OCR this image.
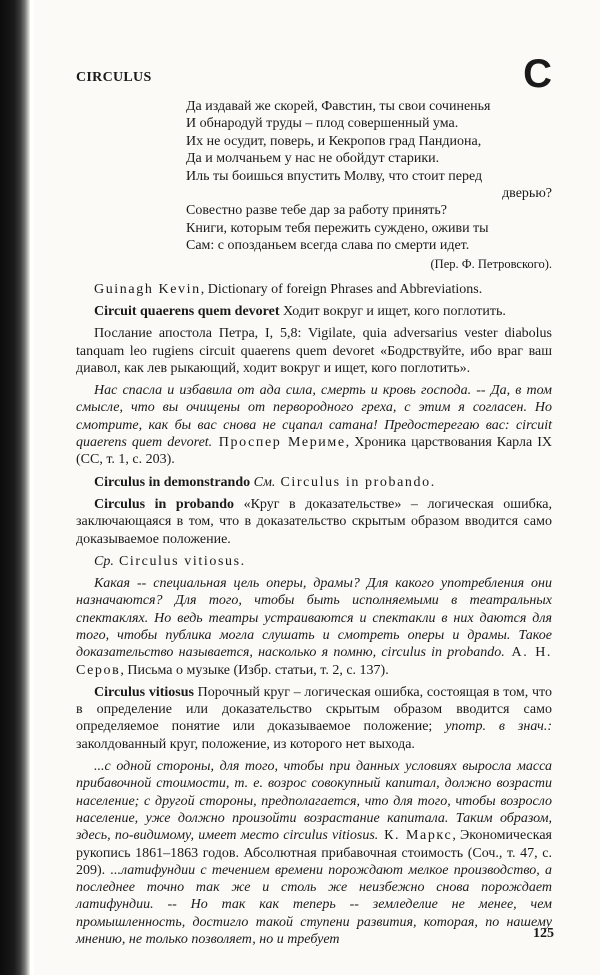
CIRCULUS	C
Да издавай же скорей, Фавстин, ты свои сочиненья
И обнародуй труды – плод совершенный ума.
Их не осудит, поверь, и Кекропов град Пандиона,
Да и молчаньем у нас не обойдут старики.
Иль ты боишься впустить Молву, что стоит перед
дверью?
Совестно разве тебе дар за работу принять?
Книги, которым тебя пережить суждено, оживи ты
Сам: с опозданьем всегда слава по смерти идет.
(Пер. Ф. Петровского).

Guinagh Kevin, Dictionary of foreign Phrases and Abbreviations.

Circuit quaerens quem devoret Ходит вокруг и ищет, кого поглотить.

Послание апостола Петра, I, 5,8: Vigilate, quia adversarius vester diabolus tanquam leo rugiens circuit quaerens quem devoret «Бодрствуйте, ибо враг ваш диавол, как лев рыкающий, ходит вокруг и ищет, кого поглотить».

Нас спасла и избавила от ада сила, смерть и кровь господа. -- Да, в том смысле, что вы очищены от первородного греха, с этим я согласен. Но смотрите, как бы вас снова не сцапал сатана! Предостерегаю вас: circuit quaerens quem devoret. Проспер Мериме, Хроника царствования Карла IX (СС, т. 1, с. 203).

Circulus in demonstrando См. Circulus in probando.

Circulus in probando «Круг в доказательстве» – логическая ошибка, заключающаяся в том, что в доказательство скрытым образом вводится само доказываемое положение.

Ср. Circulus vitiosus.

Какая -- специальная цель оперы, драмы? Для какого употребления они назначаются? Для того, чтобы быть исполняемыми в театральных спектаклях. Но ведь театры устраиваются и спектакли в них даются для того, чтобы публика могла слушать и смотреть оперы и драмы. Такое доказательство называется, насколько я помню, circulus in probando. А. Н. Серов, Письма о музыке (Избр. статьи, т. 2, с. 137).

Circulus vitiosus Порочный круг – логическая ошибка, состоящая в том, что в определение или доказательство скрытым образом вводится само определяемое понятие или доказываемое положение; употр. в знач.: заколдованный круг, положение, из которого нет выхода.

...с одной стороны, для того, чтобы при данных условиях выросла масса прибавочной стоимости, т. е. возрос совокупный капитал, должно возрасти население; с другой стороны, предполагается, что для того, чтобы возросло население, уже должно произойти возрастание капитала. Таким образом, здесь, по-видимому, имеет место circulus vitiosus. К. Маркс, Экономическая рукопись 1861–1863 годов. Абсолютная прибавочная стоимость (Соч., т. 47, с. 209). ...латифундии с течением времени порождают мелкое производство, а последнее точно так же и столь же неизбежно снова порождает латифундии. -- Но так как теперь -- земледелие не менее, чем промышленность, достигло такой ступени развития, которая, по нашему мнению, не только позволяет, но и требует	125
